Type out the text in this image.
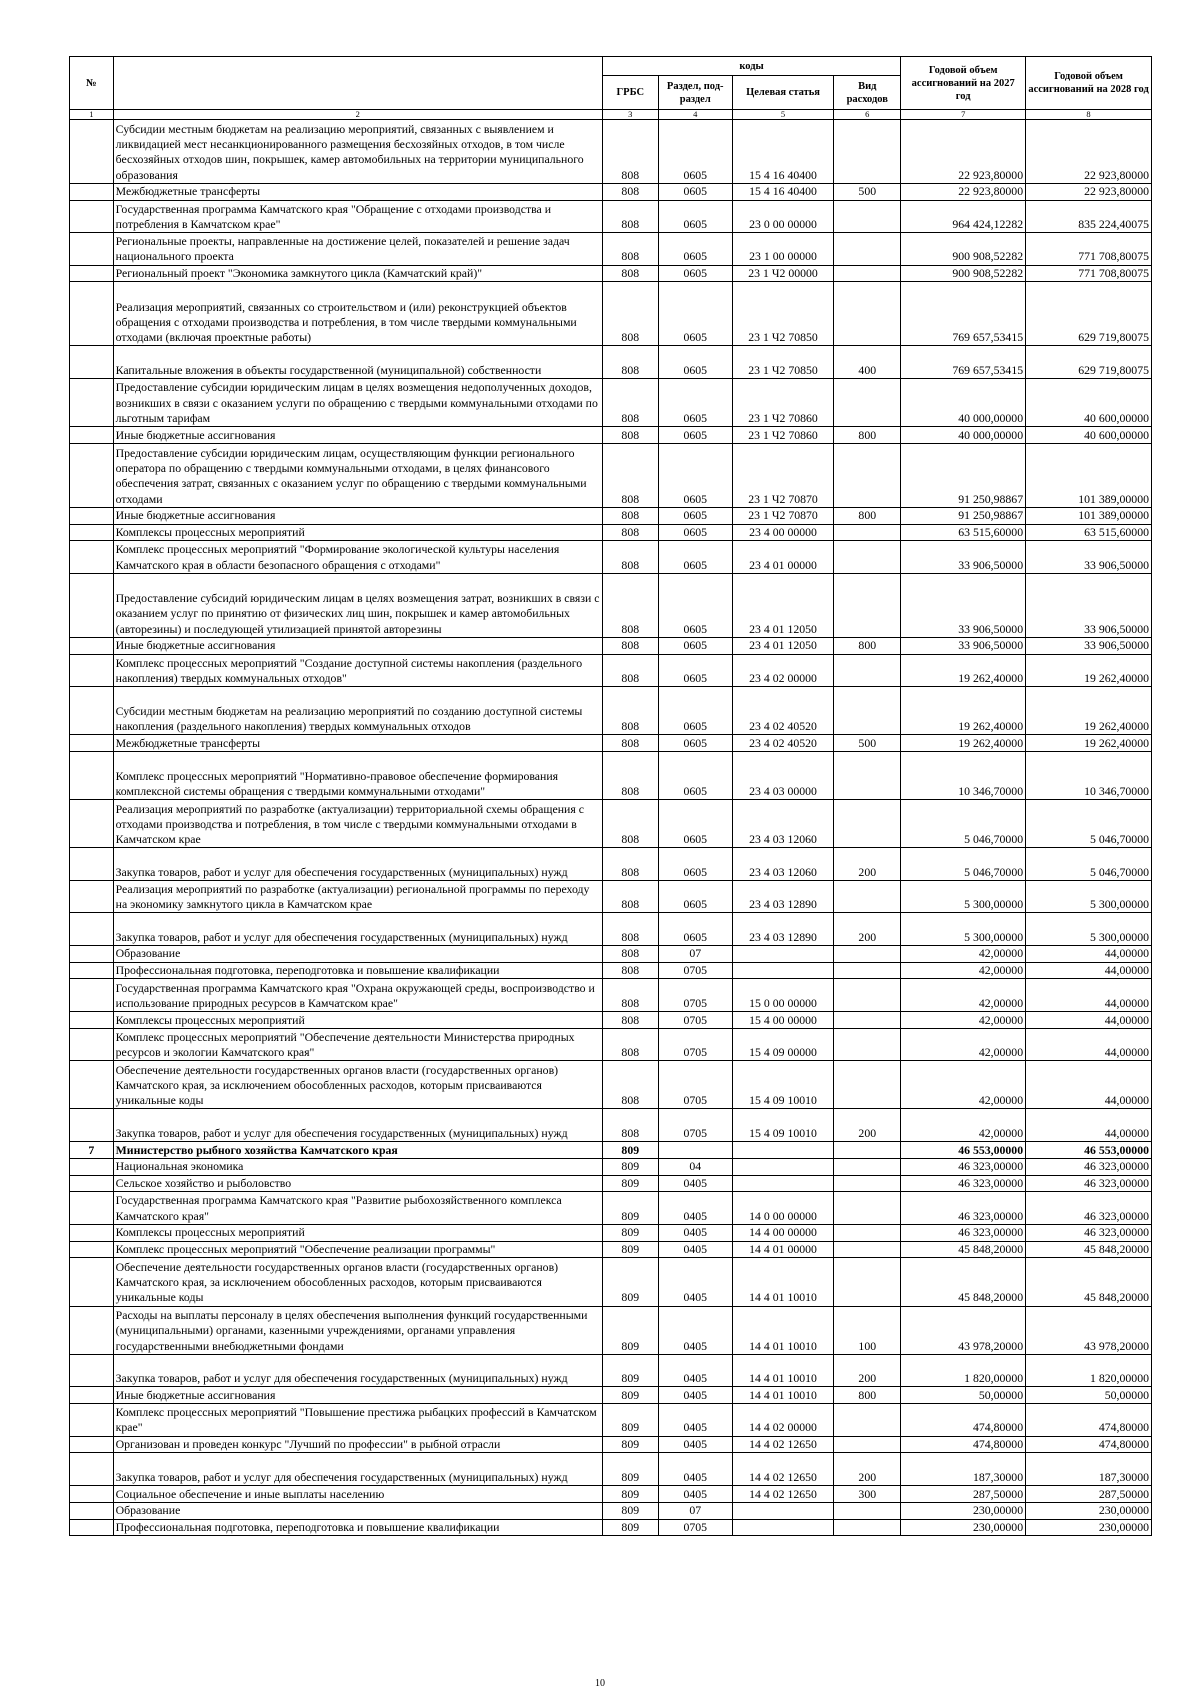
№		коды				Годовой объем ассигнований на 2027 год	Годовой объем ассигнований на 2028 год
		ГРБС	Раздел, под-раздел	Целевая статья	Вид расходов		
1	2	3	4	5	6	7	8
	Субсидии местным бюджетам на реализацию мероприятий, связанных с выявлением и ликвидацией мест несанкционированного размещения бесхозяйных отходов, в том числе бесхозяйных отходов шин, покрышек, камер автомобильных на территории муниципального образования	808	0605	15 4 16 40400		22 923,80000	22 923,80000
	Межбюджетные трансферты	808	0605	15 4 16 40400	500	22 923,80000	22 923,80000
	Государственная программа Камчатского края "Обращение с отходами производства и потребления в Камчатском крае"	808	0605	23 0 00 00000		964 424,12282	835 224,40075
	Региональные проекты, направленные на достижение целей, показателей и решение задач национального проекта	808	0605	23 1 00 00000		900 908,52282	771 708,80075
	Региональный проект "Экономика замкнутого цикла (Камчатский край)"	808	0605	23 1 Ч2 00000		900 908,52282	771 708,80075
	Реализация мероприятий, связанных со строительством и (или) реконструкцией объектов обращения с отходами производства и потребления, в том числе твердыми коммунальными отходами (включая проектные работы)	808	0605	23 1 Ч2 70850		769 657,53415	629 719,80075
	Капитальные вложения в объекты государственной (муниципальной) собственности	808	0605	23 1 Ч2 70850	400	769 657,53415	629 719,80075
	Предоставление субсидии юридическим лицам в целях возмещения недополученных доходов, возникших в связи с оказанием услуги по обращению с твердыми коммунальными отходами по льготным тарифам	808	0605	23 1 Ч2 70860		40 000,00000	40 600,00000
	Иные бюджетные ассигнования	808	0605	23 1 Ч2 70860	800	40 000,00000	40 600,00000
	Предоставление субсидии юридическим лицам, осуществляющим функции регионального оператора по обращению с твердыми коммунальными отходами, в целях финансового обеспечения затрат, связанных с оказанием услуг по обращению с твердыми коммунальными отходами	808	0605	23 1 Ч2 70870		91 250,98867	101 389,00000
	Иные бюджетные ассигнования	808	0605	23 1 Ч2 70870	800	91 250,98867	101 389,00000
	Комплексы процессных мероприятий	808	0605	23 4 00 00000		63 515,60000	63 515,60000
	Комплекс процессных мероприятий "Формирование экологической культуры населения Камчатского края в области безопасного обращения с отходами"	808	0605	23 4 01 00000		33 906,50000	33 906,50000
	Предоставление субсидий юридическим лицам в целях возмещения затрат, возникших в связи с оказанием услуг по принятию от физических лиц шин, покрышек и камер автомобильных (авторезины) и последующей утилизацией принятой авторезины	808	0605	23 4 01 12050		33 906,50000	33 906,50000
	Иные бюджетные ассигнования	808	0605	23 4 01 12050	800	33 906,50000	33 906,50000
	Комплекс процессных мероприятий "Создание доступной системы накопления (раздельного накопления) твердых коммунальных отходов"	808	0605	23 4 02 00000		19 262,40000	19 262,40000
	Субсидии местным бюджетам на реализацию мероприятий по созданию доступной системы накопления (раздельного накопления) твердых коммунальных отходов	808	0605	23 4 02 40520		19 262,40000	19 262,40000
	Межбюджетные трансферты	808	0605	23 4 02 40520	500	19 262,40000	19 262,40000
	Комплекс процессных мероприятий "Нормативно-правовое обеспечение формирования комплексной системы обращения с твердыми коммунальными отходами"	808	0605	23 4 03 00000		10 346,70000	10 346,70000
	Реализация мероприятий по разработке (актуализации) территориальной схемы обращения с отходами производства и потребления, в том числе с твердыми коммунальными отходами в Камчатском крае	808	0605	23 4 03 12060		5 046,70000	5 046,70000
	Закупка товаров, работ и услуг для обеспечения государственных (муниципальных) нужд	808	0605	23 4 03 12060	200	5 046,70000	5 046,70000
	Реализация мероприятий по разработке (актуализации) региональной программы по переходу на экономику замкнутого цикла в Камчатском крае	808	0605	23 4 03 12890		5 300,00000	5 300,00000
	Закупка товаров, работ и услуг для обеспечения государственных (муниципальных) нужд	808	0605	23 4 03 12890	200	5 300,00000	5 300,00000
	Образование	808	07			42,00000	44,00000
	Профессиональная подготовка, переподготовка и повышение квалификации	808	0705			42,00000	44,00000
	Государственная программа Камчатского края "Охрана окружающей среды, воспроизводство и использование природных ресурсов в Камчатском крае"	808	0705	15 0 00 00000		42,00000	44,00000
	Комплексы процессных мероприятий	808	0705	15 4 00 00000		42,00000	44,00000
	Комплекс процессных мероприятий "Обеспечение деятельности Министерства природных ресурсов и экологии Камчатского края"	808	0705	15 4 09 00000		42,00000	44,00000
	Обеспечение деятельности государственных органов власти (государственных органов) Камчатского края, за исключением обособленных расходов, которым присваиваются уникальные коды	808	0705	15 4 09 10010		42,00000	44,00000
	Закупка товаров, работ и услуг для обеспечения государственных (муниципальных) нужд	808	0705	15 4 09 10010	200	42,00000	44,00000
7	Министерство рыбного хозяйства Камчатского края	809				46 553,00000	46 553,00000
	Национальная экономика	809	04			46 323,00000	46 323,00000
	Сельское хозяйство и рыболовство	809	0405			46 323,00000	46 323,00000
	Государственная программа Камчатского края "Развитие рыбохозяйственного комплекса Камчатского края"	809	0405	14 0 00 00000		46 323,00000	46 323,00000
	Комплексы процессных мероприятий	809	0405	14 4 00 00000		46 323,00000	46 323,00000
	Комплекс процессных мероприятий "Обеспечение реализации программы"	809	0405	14 4 01 00000		45 848,20000	45 848,20000
	Обеспечение деятельности государственных органов власти (государственных органов) Камчатского края, за исключением обособленных расходов, которым присваиваются уникальные коды	809	0405	14 4 01 10010		45 848,20000	45 848,20000
	Расходы на выплаты персоналу в целях обеспечения выполнения функций государственными (муниципальными) органами, казенными учреждениями, органами управления государственными внебюджетными фондами	809	0405	14 4 01 10010	100	43 978,20000	43 978,20000
	Закупка товаров, работ и услуг для обеспечения государственных (муниципальных) нужд	809	0405	14 4 01 10010	200	1 820,00000	1 820,00000
	Иные бюджетные ассигнования	809	0405	14 4 01 10010	800	50,00000	50,00000
	Комплекс процессных мероприятий "Повышение престижа рыбацких профессий в Камчатском крае"	809	0405	14 4 02 00000		474,80000	474,80000
	Организован и проведен конкурс "Лучший по профессии" в рыбной отрасли	809	0405	14 4 02 12650		474,80000	474,80000
	Закупка товаров, работ и услуг для обеспечения государственных (муниципальных) нужд	809	0405	14 4 02 12650	200	187,30000	187,30000
	Социальное обеспечение и иные выплаты населению	809	0405	14 4 02 12650	300	287,50000	287,50000
	Образование	809	07			230,00000	230,00000
	Профессиональная подготовка, переподготовка и повышение квалификации	809	0705			230,00000	230,00000
10
